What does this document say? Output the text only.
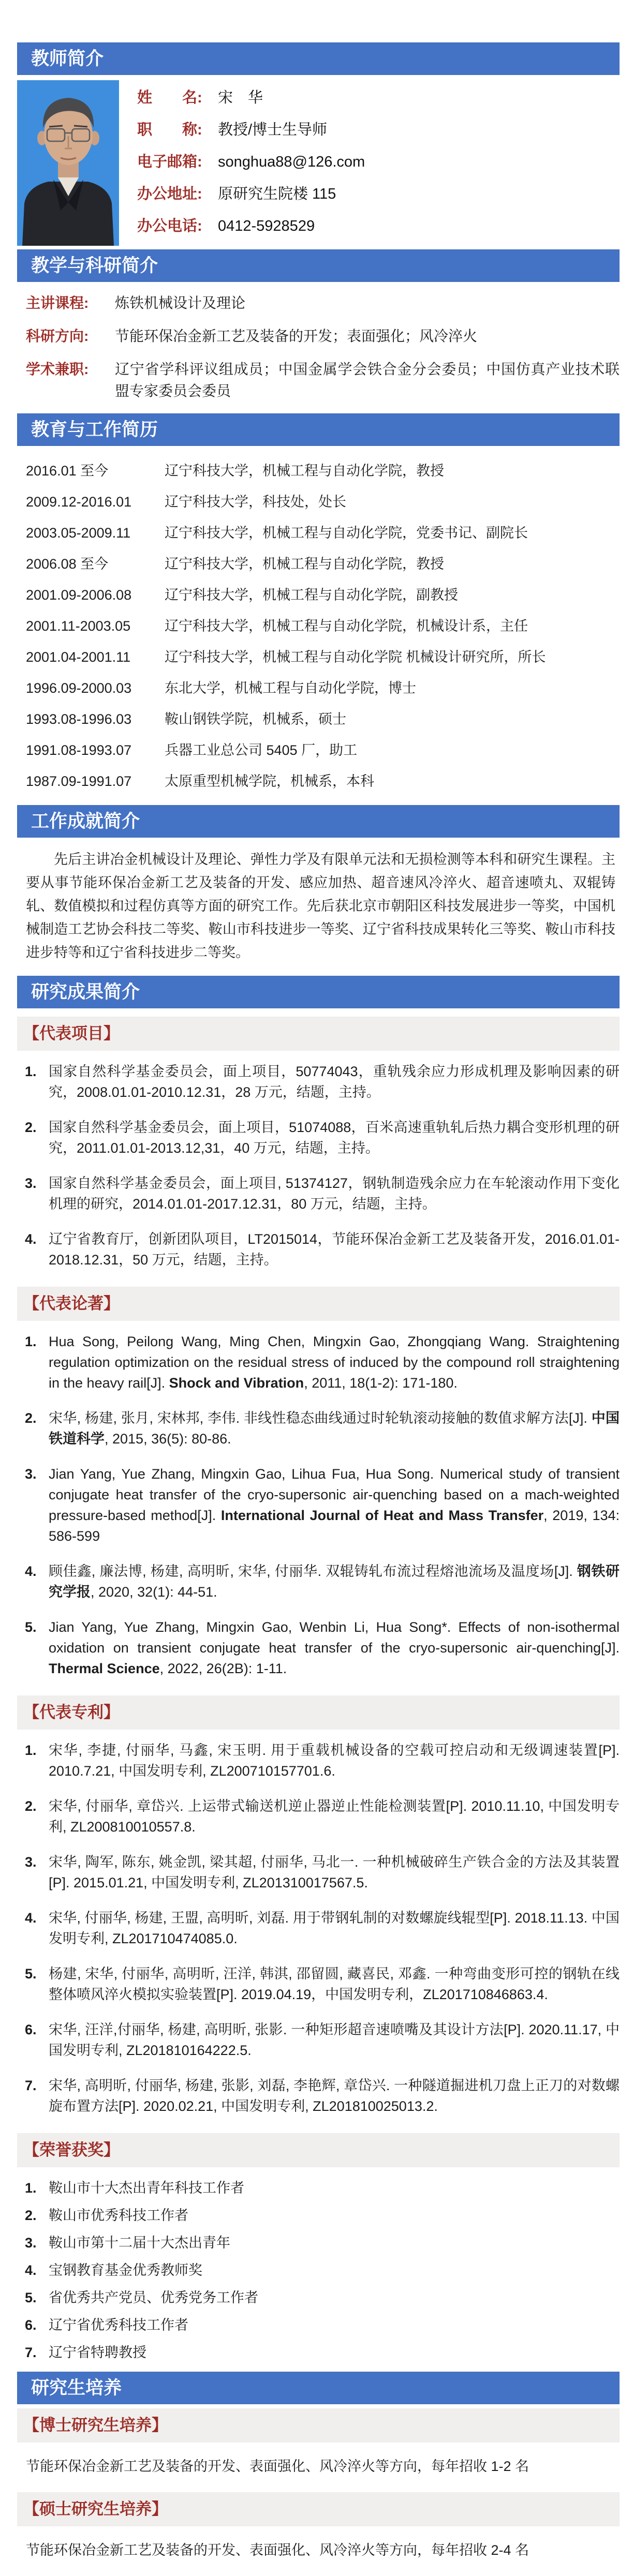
教师简介
姓　　名: 宋　华
职　　称: 教授/博士生导师
电子邮箱: songhua88@126.com
办公地址: 原研究生院楼 115
办公电话: 0412-5928529
教学与科研简介
主讲课程:	炼铁机械设计及理论
科研方向:	节能环保冶金新工艺及装备的开发；表面强化；风冷淬火
学术兼职:	辽宁省学科评议组成员；中国金属学会铁合金分会委员；中国仿真产业技术联盟专家委员会委员
教育与工作简历
2016.01 至今	辽宁科技大学，机械工程与自动化学院，教授
2009.12-2016.01	辽宁科技大学，科技处，处长
2003.05-2009.11	辽宁科技大学，机械工程与自动化学院，党委书记、副院长
2006.08 至今	辽宁科技大学，机械工程与自动化学院，教授
2001.09-2006.08	辽宁科技大学，机械工程与自动化学院，副教授
2001.11-2003.05	辽宁科技大学，机械工程与自动化学院，机械设计系，主任
2001.04-2001.11	辽宁科技大学，机械工程与自动化学院 机械设计研究所，所长
1996.09-2000.03	东北大学，机械工程与自动化学院，博士
1993.08-1996.03	鞍山钢铁学院，机械系，硕士
1991.08-1993.07	兵器工业总公司 5405 厂，助工
1987.09-1991.07	太原重型机械学院，机械系，本科
工作成就简介
先后主讲冶金机械设计及理论、弹性力学及有限单元法和无损检测等本科和研究生课程。主要从事节能环保冶金新工艺及装备的开发、感应加热、超音速风冷淬火、超音速喷丸、双辊铸轧、数值模拟和过程仿真等方面的研究工作。先后获北京市朝阳区科技发展进步一等奖，中国机械制造工艺协会科技二等奖、鞍山市科技进步一等奖、辽宁省科技成果转化三等奖、鞍山市科技进步特等和辽宁省科技进步二等奖。
研究成果简介
【代表项目】
1. 国家自然科学基金委员会，面上项目，50774043，重轨残余应力形成机理及影响因素的研究，2008.01.01-2010.12.31，28 万元，结题，主持。
2. 国家自然科学基金委员会，面上项目，51074088，百米高速重轨轧后热力耦合变形机理的研究，2011.01.01-2013.12,31，40 万元，结题，主持。
3. 国家自然科学基金委员会，面上项目, 51374127，钢轨制造残余应力在车轮滚动作用下变化机理的研究，2014.01.01-2017.12.31，80 万元，结题，主持。
4. 辽宁省教育厅，创新团队项目，LT2015014，节能环保冶金新工艺及装备开发，2016.01.01-2018.12.31，50 万元，结题，主持。
【代表论著】
1. Hua Song, Peilong Wang, Ming Chen, Mingxin Gao, Zhongqiang Wang. Straightening regulation optimization on the residual stress of induced by the compound roll straightening in the heavy rail[J]. Shock and Vibration, 2011, 18(1-2): 171-180.
2. 宋华, 杨建, 张月, 宋林邦, 李伟. 非线性稳态曲线通过时轮轨滚动接触的数值求解方法[J]. 中国铁道科学, 2015, 36(5): 80-86.
3. Jian Yang, Yue Zhang, Mingxin Gao, Lihua Fua, Hua Song. Numerical study of transient conjugate heat transfer of the cryo-supersonic air-quenching based on a mach-weighted pressure-based method[J]. International Journal of Heat and Mass Transfer, 2019, 134: 586-599
4. 顾佳鑫, 廉法博, 杨建, 高明昕, 宋华, 付丽华. 双辊铸轧布流过程熔池流场及温度场[J]. 钢铁研究学报, 2020, 32(1): 44-51.
5. Jian Yang, Yue Zhang, Mingxin Gao, Wenbin Li, Hua Song*. Effects of non-isothermal oxidation on transient conjugate heat transfer of the cryo-supersonic air-quenching[J]. Thermal Science, 2022, 26(2B): 1-11.
【代表专利】
1. 宋华, 李捷, 付丽华, 马鑫, 宋玉明. 用于重载机械设备的空载可控启动和无级调速装置[P]. 2010.7.21, 中国发明专利, ZL200710157701.6.
2. 宋华, 付丽华, 章岱兴. 上运带式输送机逆止器逆止性能检测装置[P]. 2010.11.10, 中国发明专利, ZL200810010557.8.
3. 宋华, 陶军, 陈东, 姚金凯, 梁其超, 付丽华, 马北一. 一种机械破碎生产铁合金的方法及其装置[P]. 2015.01.21, 中国发明专利, ZL201310017567.5.
4. 宋华, 付丽华, 杨建, 王盟, 高明昕, 刘磊. 用于带钢轧制的对数螺旋线辊型[P]. 2018.11.13. 中国发明专利, ZL201710474085.0.
5. 杨建, 宋华, 付丽华, 高明昕, 汪洋, 韩淇, 邵留圆, 藏喜民, 邓鑫. 一种弯曲变形可控的钢轨在线整体喷风淬火模拟实验装置[P]. 2019.04.19，中国发明专利，ZL201710846863.4.
6. 宋华, 汪洋,付丽华, 杨建, 高明昕, 张影. 一种矩形超音速喷嘴及其设计方法[P]. 2020.11.17, 中国发明专利, ZL201810164222.5.
7. 宋华, 高明昕, 付丽华, 杨建, 张影, 刘磊, 李艳辉, 章岱兴. 一种隧道掘进机刀盘上正刀的对数螺旋布置方法[P]. 2020.02.21, 中国发明专利, ZL201810025013.2.
【荣誉获奖】
1. 鞍山市十大杰出青年科技工作者
2. 鞍山市优秀科技工作者
3. 鞍山市第十二届十大杰出青年
4. 宝钢教育基金优秀教师奖
5. 省优秀共产党员、优秀党务工作者
6. 辽宁省优秀科技工作者
7. 辽宁省特聘教授
研究生培养
【博士研究生培养】
节能环保冶金新工艺及装备的开发、表面强化、风冷淬火等方向，每年招收 1-2 名
【硕士研究生培养】
节能环保冶金新工艺及装备的开发、表面强化、风冷淬火等方向，每年招收 2-4 名
